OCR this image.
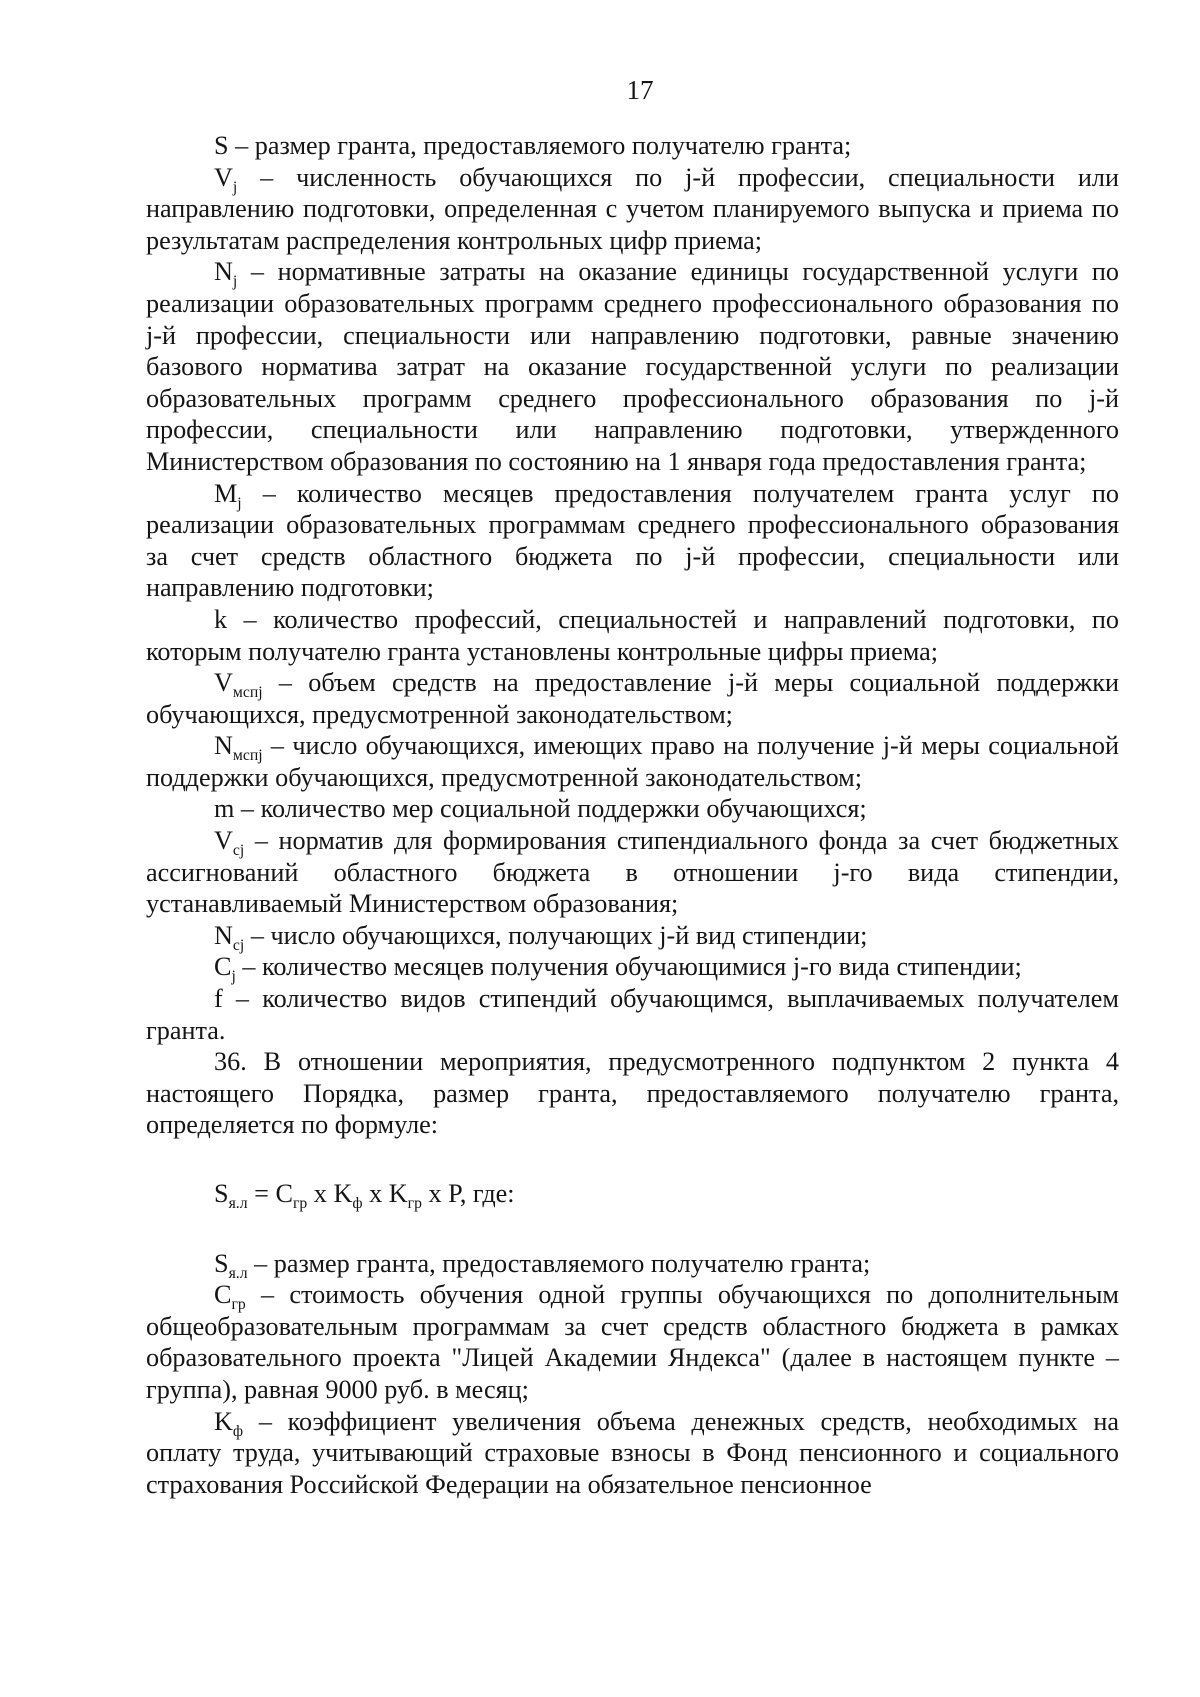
17

S – размер гранта, предоставляемого получателю гранта;

$V_j$ – численность обучающихся по j-й профессии, специальности или направлению подготовки, определенная с учетом планируемого выпуска и приема по результатам распределения контрольных цифр приема;

$N_j$ – нормативные затраты на оказание единицы государственной услуги по реализации образовательных программ среднего профессионального образования по j-й профессии, специальности или направлению подготовки, равные значению базового норматива затрат на оказание государственной услуги по реализации образовательных программ среднего профессионального образования по j-й профессии, специальности или направлению подготовки, утвержденного Министерством образования по состоянию на 1 января года предоставления гранта;

$M_j$ – количество месяцев предоставления получателем гранта услуг по реализации образовательных программам среднего профессионального образования за счет средств областного бюджета по j-й профессии, специальности или направлению подготовки;

k – количество профессий, специальностей и направлений подготовки, по которым получателю гранта установлены контрольные цифры приема;

$V_{мспj}$ – объем средств на предоставление j-й меры социальной поддержки обучающихся, предусмотренной законодательством;

$N_{мспj}$ – число обучающихся, имеющих право на получение j-й меры социальной поддержки обучающихся, предусмотренной законодательством;

m – количество мер социальной поддержки обучающихся;

$V_{cj}$ – норматив для формирования стипендиального фонда за счет бюджетных ассигнований областного бюджета в отношении j-го вида стипендии, устанавливаемый Министерством образования;

$N_{cj}$ – число обучающихся, получающих j-й вид стипендии;

$C_j$ – количество месяцев получения обучающимися j-го вида стипендии;

f – количество видов стипендий обучающимся, выплачиваемых получателем гранта.

36. В отношении мероприятия, предусмотренного подпунктом 2 пункта 4 настоящего Порядка, размер гранта, предоставляемого получателю гранта, определяется по формуле:

$S_{я.л} = C_{гр}$ x $K_ф$ x $K_{гр}$ x P, где:

$S_{я.л}$ – размер гранта, предоставляемого получателю гранта;

$C_{гр}$ – стоимость обучения одной группы обучающихся по дополнительным общеобразовательным программам за счет средств областного бюджета в рамках образовательного проекта "Лицей Академии Яндекса" (далее в настоящем пункте – группа), равная 9000 руб. в месяц;

$K_ф$ – коэффициент увеличения объема денежных средств, необходимых на оплату труда, учитывающий страховые взносы в Фонд пенсионного и социального страхования Российской Федерации на обязательное пенсионное
